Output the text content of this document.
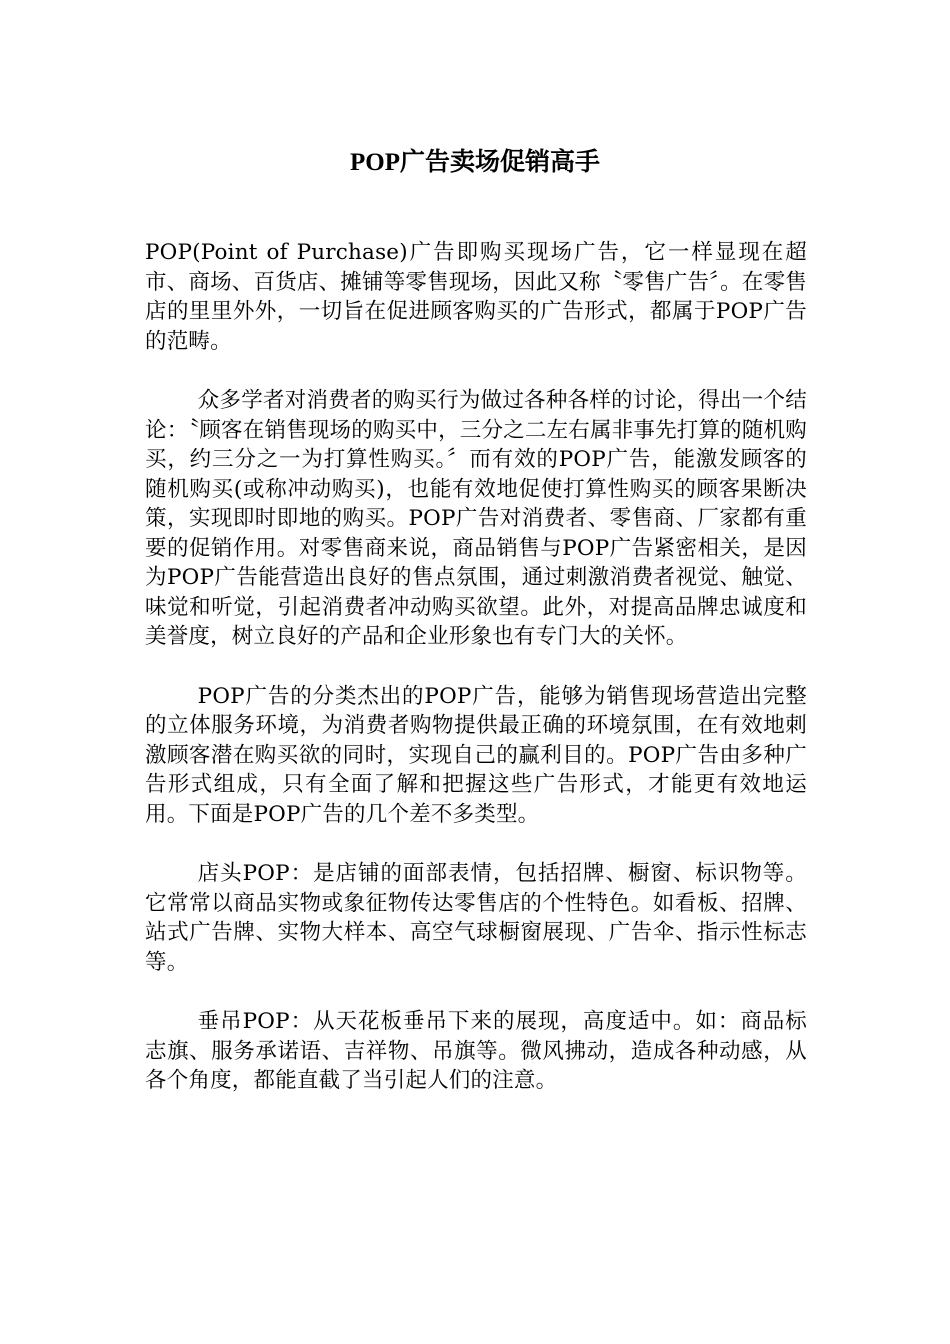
POP广告卖场促销高手

POP(Point of Purchase)广告即购买现场广告，它一样显现在超市、商场、百货店、摊铺等零售现场，因此又称〝零售广告〞。在零售店的里里外外，一切旨在促进顾客购买的广告形式，都属于POP广告的范畴。

众多学者对消费者的购买行为做过各种各样的讨论，得出一个结论：〝顾客在销售现场的购买中，三分之二左右属非事先打算的随机购买，约三分之一为打算性购买。〞而有效的POP广告，能激发顾客的随机购买(或称冲动购买)，也能有效地促使打算性购买的顾客果断决策，实现即时即地的购买。POP广告对消费者、零售商、厂家都有重要的促销作用。对零售商来说，商品销售与POP广告紧密相关，是因为POP广告能营造出良好的售点氛围，通过刺激消费者视觉、触觉、味觉和听觉，引起消费者冲动购买欲望。此外，对提高品牌忠诚度和美誉度，树立良好的产品和企业形象也有专门大的关怀。

POP广告的分类杰出的POP广告，能够为销售现场营造出完整的立体服务环境，为消费者购物提供最正确的环境氛围，在有效地刺激顾客潜在购买欲的同时，实现自己的赢利目的。POP广告由多种广告形式组成，只有全面了解和把握这些广告形式，才能更有效地运用。下面是POP广告的几个差不多类型。

店头POP：是店铺的面部表情，包括招牌、橱窗、标识物等。它常常以商品实物或象征物传达零售店的个性特色。如看板、招牌、站式广告牌、实物大样本、高空气球橱窗展现、广告伞、指示性标志等。

垂吊POP：从天花板垂吊下来的展现，高度适中。如：商品标志旗、服务承诺语、吉祥物、吊旗等。微风拂动，造成各种动感，从各个角度，都能直截了当引起人们的注意。
